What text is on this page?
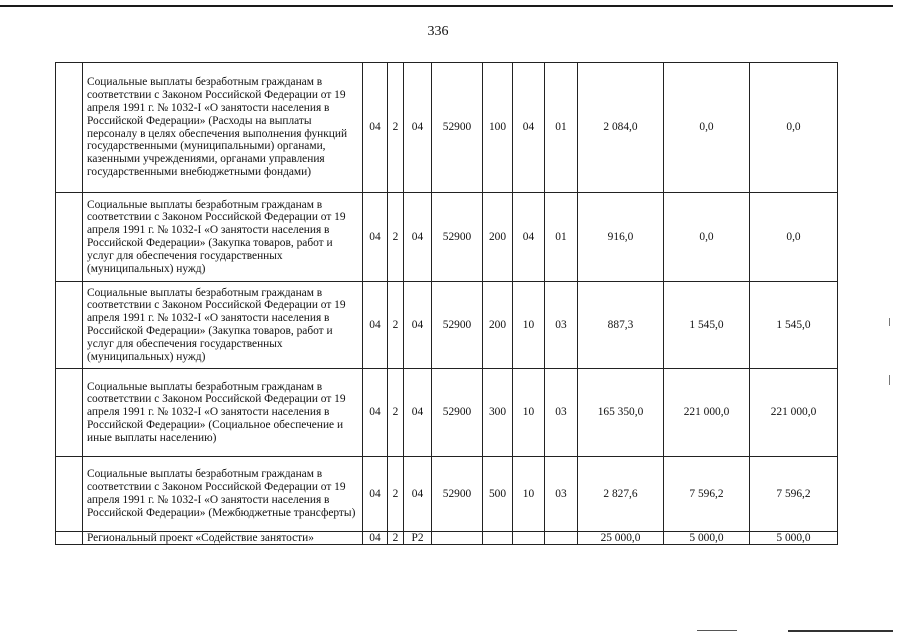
336
	Социальные выплаты безработным гражданам в соответствии с Законом Российской Федерации от 19 апреля 1991 г. № 1032-I «О занятости населения в Российской Федерации» (Расходы на выплаты персоналу в целях обеспечения выполнения функций государственными (муниципальными) органами, казенными учреждениями, органами управления государственными внебюджетными фондами)	04	2	04	52900	100	04	01	2 084,0	0,0	0,0
	Социальные выплаты безработным гражданам в соответствии с Законом Российской Федерации от 19 апреля 1991 г. № 1032-I «О занятости населения в Российской Федерации» (Закупка товаров, работ и услуг для обеспечения государственных (муниципальных) нужд)	04	2	04	52900	200	04	01	916,0	0,0	0,0
	Социальные выплаты безработным гражданам в соответствии с Законом Российской Федерации от 19 апреля 1991 г. № 1032-I «О занятости населения в Российской Федерации» (Закупка товаров, работ и услуг для обеспечения государственных (муниципальных) нужд)	04	2	04	52900	200	10	03	887,3	1 545,0	1 545,0
	Социальные выплаты безработным гражданам в соответствии с Законом Российской Федерации от 19 апреля 1991 г. № 1032-I «О занятости населения в Российской Федерации» (Социальное обеспечение и иные выплаты населению)	04	2	04	52900	300	10	03	165 350,0	221 000,0	221 000,0
	Социальные выплаты безработным гражданам в соответствии с Законом Российской Федерации от 19 апреля 1991 г. № 1032-I «О занятости населения в Российской Федерации» (Межбюджетные трансферты)	04	2	04	52900	500	10	03	2 827,6	7 596,2	7 596,2
	Региональный проект «Содействие занятости»	04	2	P2					25 000,0	5 000,0	5 000,0
